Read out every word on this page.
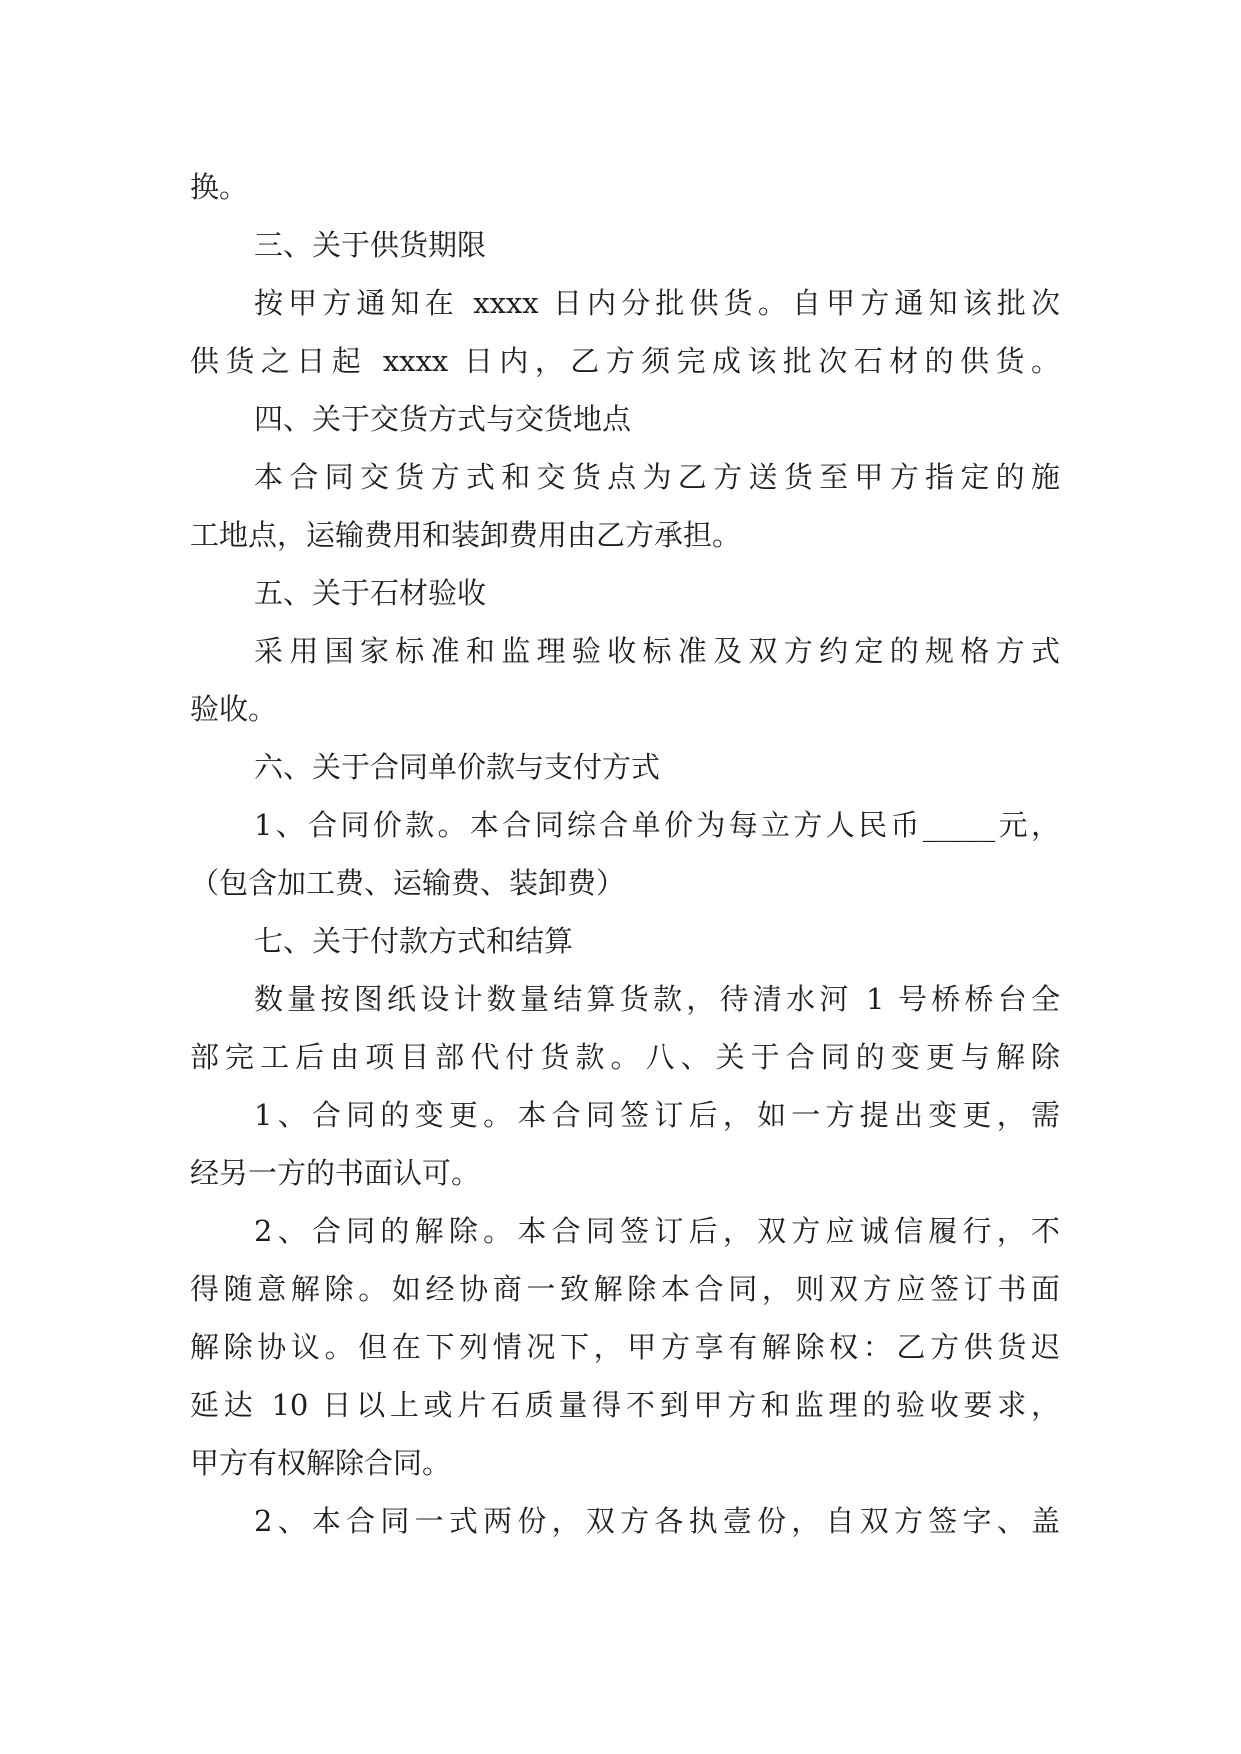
换。
三、关于供货期限
按甲方通知在 xxxx 日内分批供货。自甲方通知该批次
供货之日起 xxxx 日内，乙方须完成该批次石材的供货。
四、关于交货方式与交货地点
本合同交货方式和交货点为乙方送货至甲方指定的施
工地点，运输费用和装卸费用由乙方承担。
五、关于石材验收
采用国家标准和监理验收标准及双方约定的规格方式
验收。
六、关于合同单价款与支付方式
1、合同价款。本合同综合单价为每立方人民币_____元，
（包含加工费、运输费、装卸费）
七、关于付款方式和结算
数量按图纸设计数量结算货款，待清水河 1 号桥桥台全
部完工后由项目部代付货款。八、关于合同的变更与解除
1、合同的变更。本合同签订后，如一方提出变更，需
经另一方的书面认可。
2、合同的解除。本合同签订后，双方应诚信履行，不
得随意解除。如经协商一致解除本合同，则双方应签订书面
解除协议。但在下列情况下，甲方享有解除权：乙方供货迟
延达 10 日以上或片石质量得不到甲方和监理的验收要求，
甲方有权解除合同。
2、本合同一式两份，双方各执壹份，自双方签字、盖
